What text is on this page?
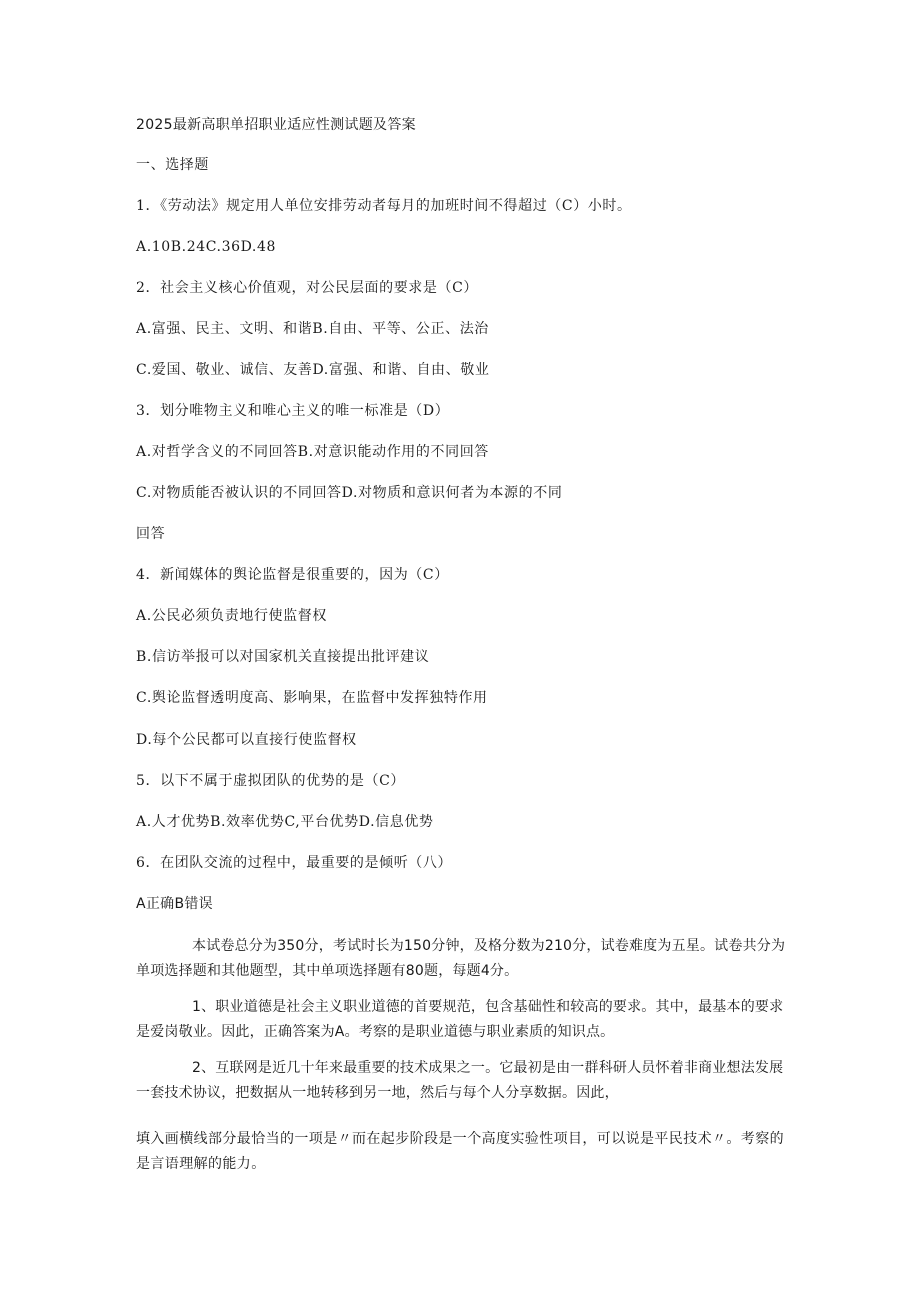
2025最新高职单招职业适应性测试题及答案
一、选择题
1．《劳动法》规定用人单位安排劳动者每月的加班时间不得超过（C）小时。
A.10B.24C.36D.48
2．社会主义核心价值观，对公民层面的要求是（C）
A.富强、民主、文明、和谐B.自由、平等、公正、法治
C.爱国、敬业、诚信、友善D.富强、和谐、自由、敬业
3．划分唯物主义和唯心主义的唯一标准是（D）
A.对哲学含义的不同回答B.对意识能动作用的不同回答
C.对物质能否被认识的不同回答D.对物质和意识何者为本源的不同
回答
4．新闻媒体的舆论监督是很重要的，因为（C）
A.公民必须负责地行使监督权
B.信访举报可以对国家机关直接提出批评建议
C.舆论监督透明度高、影响果，在监督中发挥独特作用
D.每个公民都可以直接行使监督权
5．以下不属于虚拟团队的优势的是（C）
A.人才优势B.效率优势C,平台优势D.信息优势
6．在团队交流的过程中，最重要的是倾听（八）
A正确B错误
本试卷总分为350分，考试时长为150分钟，及格分数为210分，试卷难度为五星。试卷共分为单项选择题和其他题型，其中单项选择题有80题，每题4分。
1、职业道德是社会主义职业道德的首要规范，包含基础性和较高的要求。其中，最基本的要求是爱岗敬业。因此，正确答案为A。考察的是职业道德与职业素质的知识点。
2、互联网是近几十年来最重要的技术成果之一。它最初是由一群科研人员怀着非商业想法发展一套技术协议，把数据从一地转移到另一地，然后与每个人分享数据。因此，
填入画横线部分最恰当的一项是〃而在起步阶段是一个高度实验性项目，可以说是平民技术〃。考察的是言语理解的能力。
